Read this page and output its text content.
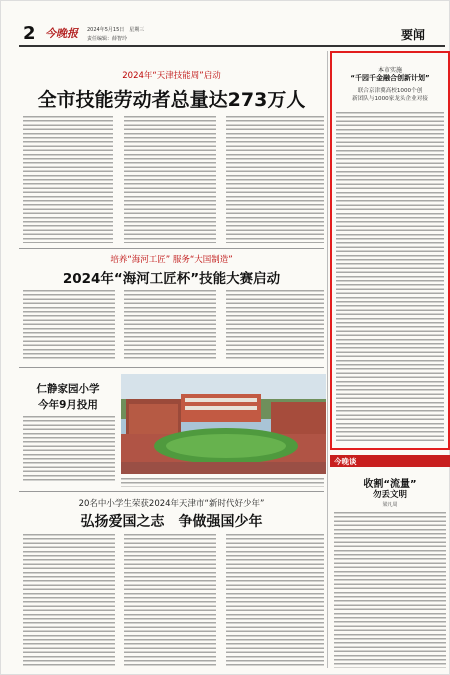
2 今晚报 2024年5月15日　星期三
责任编辑：薛智玲	要闻
2024年“天津技能周”启动
全市技能劳动者总量达273万人
培养“海河工匠” 服务“大国制造”
2024年“海河工匠杯”技能大赛启动
仁静家园小学
今年9月投用
20名中小学生荣获2024年天津市“新时代好少年”
弘扬爱国之志　争做强国少年
本市实施
“千园千金融合创新计划”
联合京津冀高校1000个创
新团队与1000家龙头企业对接
今晚谈
收割“流量”
勿丢文明
梁凡周
